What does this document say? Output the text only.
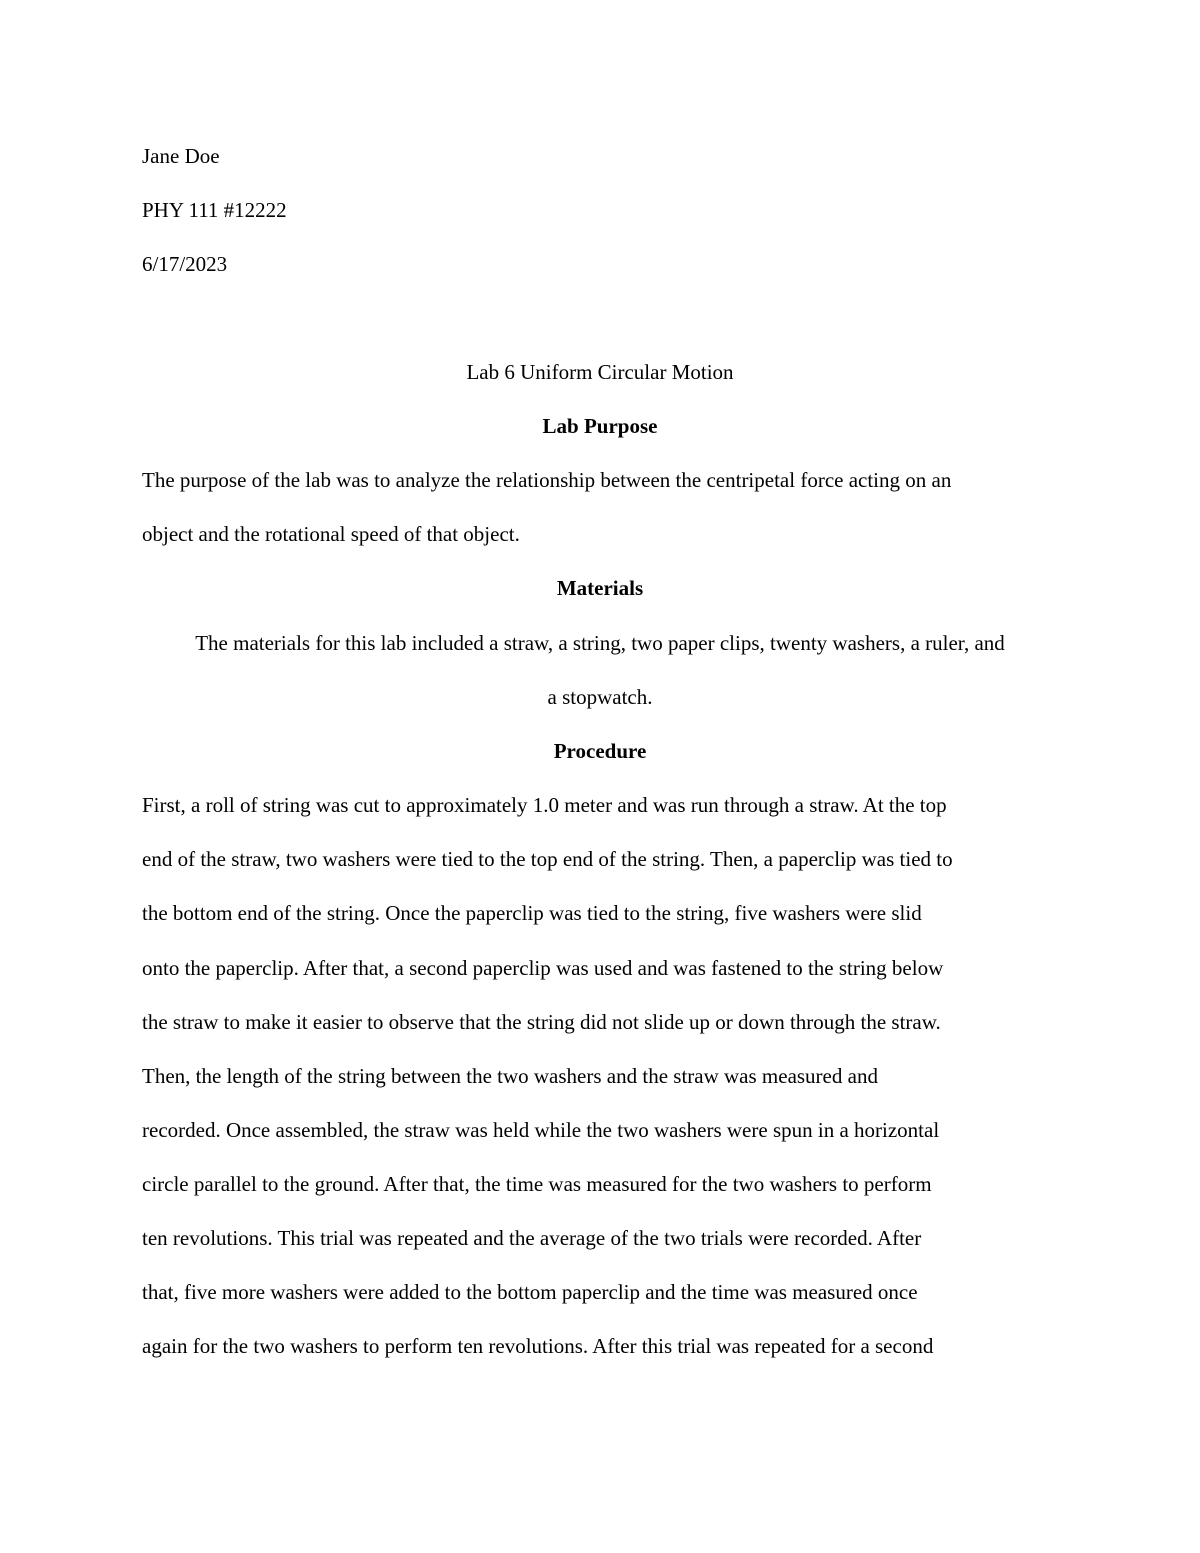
Jane Doe

PHY 111 #12222

6/17/2023

Lab 6 Uniform Circular Motion

Lab Purpose

The purpose of the lab was to analyze the relationship between the centripetal force acting on an

object and the rotational speed of that object.

Materials

The materials for this lab included a straw, a string, two paper clips, twenty washers, a ruler, and

a stopwatch.

Procedure

First, a roll of string was cut to approximately 1.0 meter and was run through a straw. At the top

end of the straw, two washers were tied to the top end of the string. Then, a paperclip was tied to

the bottom end of the string. Once the paperclip was tied to the string, five washers were slid

onto the paperclip. After that, a second paperclip was used and was fastened to the string below

the straw to make it easier to observe that the string did not slide up or down through the straw.

Then, the length of the string between the two washers and the straw was measured and

recorded. Once assembled, the straw was held while the two washers were spun in a horizontal

circle parallel to the ground. After that, the time was measured for the two washers to perform

ten revolutions. This trial was repeated and the average of the two trials were recorded. After

that, five more washers were added to the bottom paperclip and the time was measured once

again for the two washers to perform ten revolutions. After this trial was repeated for a second
